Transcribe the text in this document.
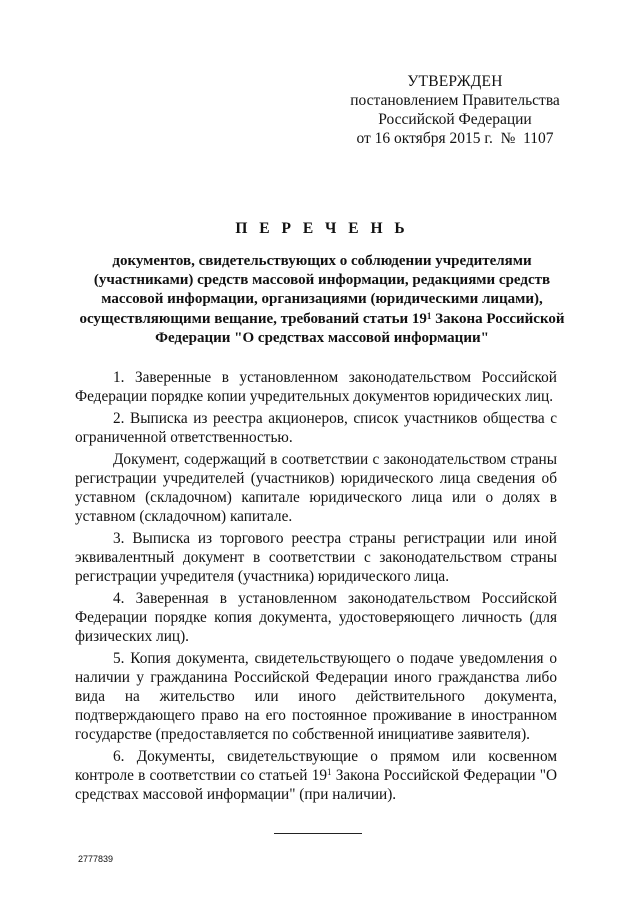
УТВЕРЖДЕН
постановлением Правительства
Российской Федерации
от 16 октября 2015 г.  №  1107
П Е Р Е Ч Е Н Ь
документов, свидетельствующих о соблюдении учредителями (участниками) средств массовой информации, редакциями средств массовой информации, организациями (юридическими лицами), осуществляющими вещание, требований статьи $19^1$ Закона Российской Федерации "О средствах массовой информации"

1. Заверенные в установленном законодательством Российской Федерации порядке копии учредительных документов юридических лиц.

2. Выписка из реестра акционеров, список участников общества с ограниченной ответственностью.

Документ, содержащий в соответствии с законодательством страны регистрации учредителей (участников) юридического лица сведения об уставном (складочном) капитале юридического лица или о долях в уставном (складочном) капитале.

3. Выписка из торгового реестра страны регистрации или иной эквивалентный документ в соответствии с законодательством страны регистрации учредителя (участника) юридического лица.

4. Заверенная в установленном законодательством Российской Федерации порядке копия документа, удостоверяющего личность (для физических лиц).

5. Копия документа, свидетельствующего о подаче уведомления о наличии у гражданина Российской Федерации иного гражданства либо вида на жительство или иного действительного документа, подтверждающего право на его постоянное проживание в иностранном государстве (предоставляется по собственной инициативе заявителя).

6. Документы, свидетельствующие о прямом или косвенном контроле в соответствии со статьей $19^1$ Закона Российской Федерации "О средствах массовой информации" (при наличии).

2777839
